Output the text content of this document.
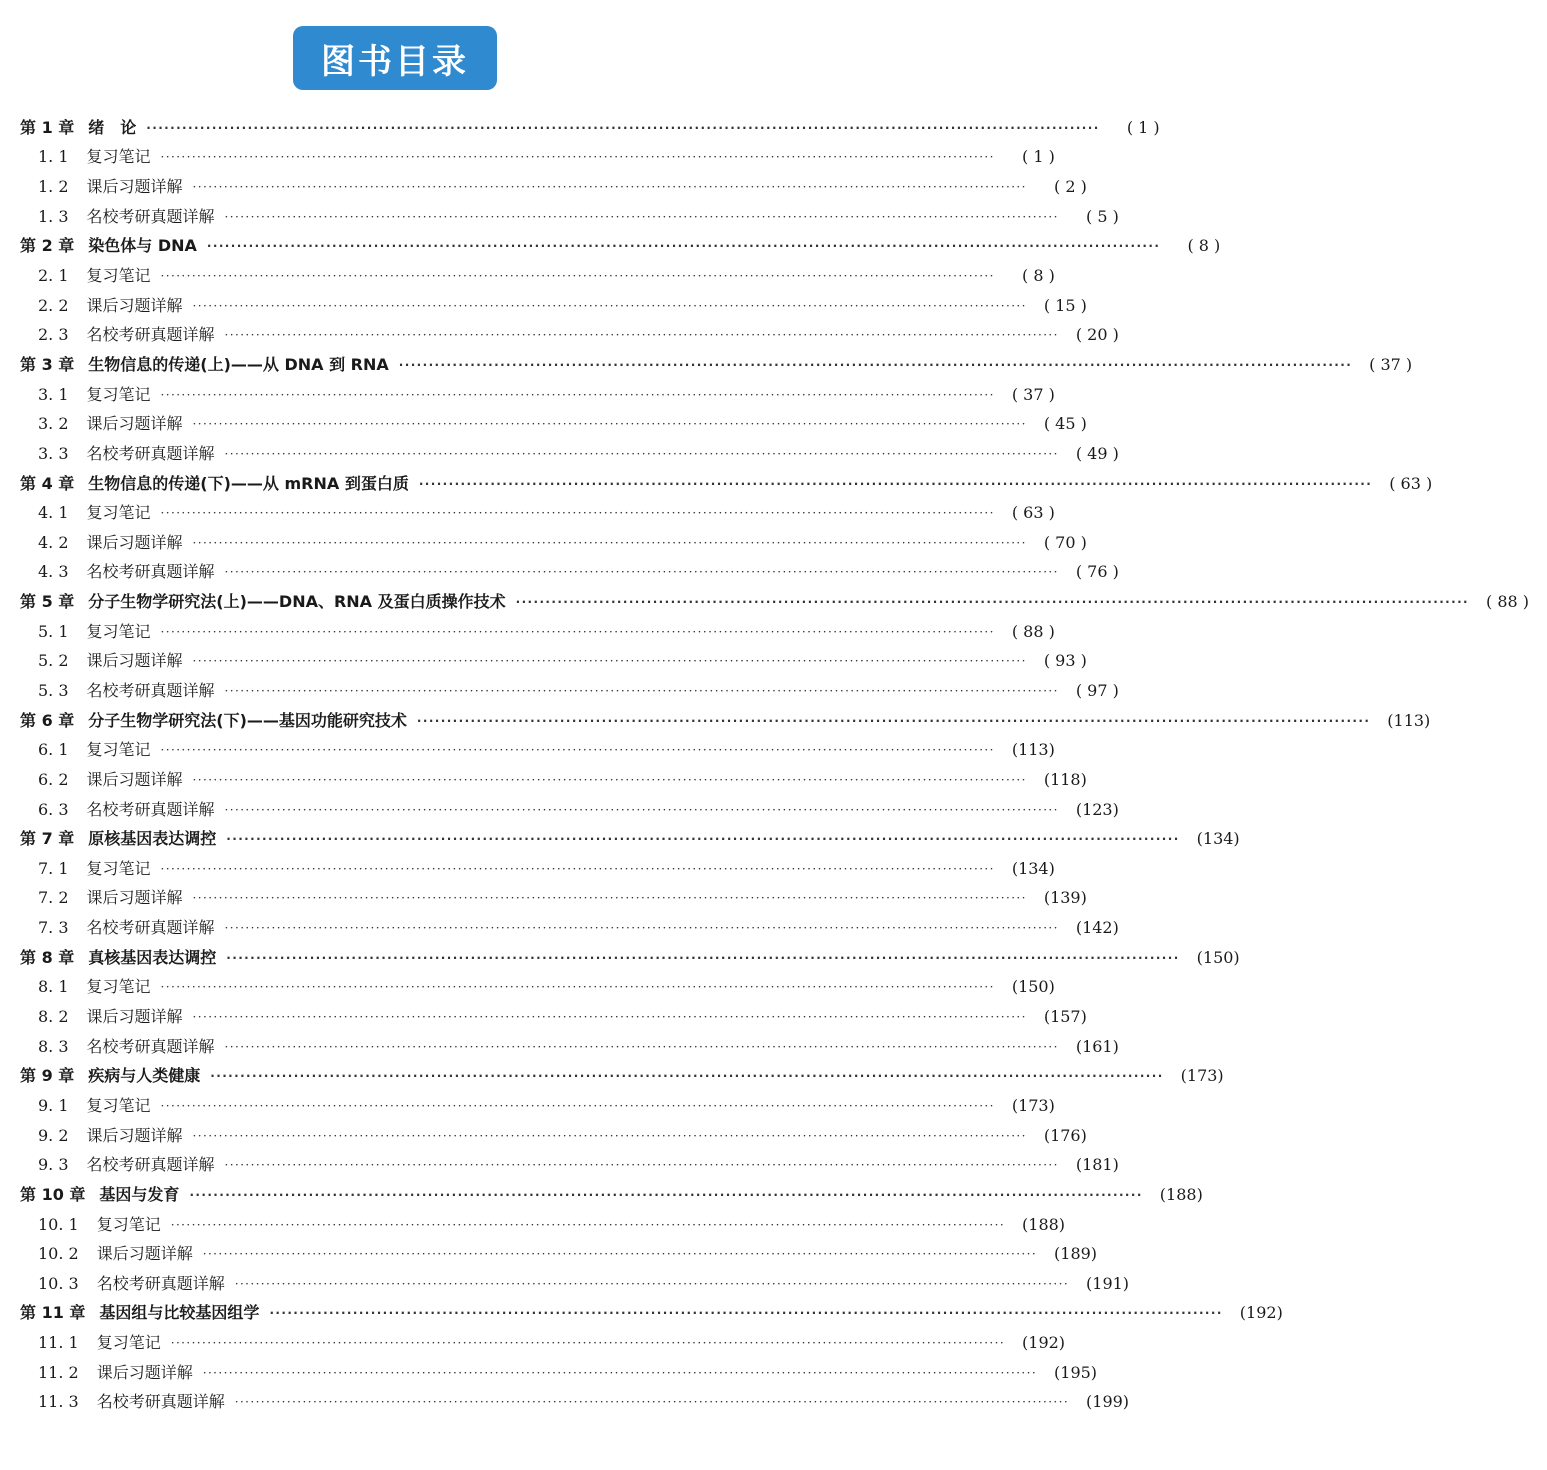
图书目录
第 1 章 绪　论 ································································································································································	( 1 )
1. 1 复习笔记 ································································································································································	( 1 )
1. 2 课后习题详解 ································································································································································	( 2 )
1. 3 名校考研真题详解 ································································································································································	( 5 )
第 2 章 染色体与 DNA ································································································································································	( 8 )
2. 1 复习笔记 ································································································································································	( 8 )
2. 2 课后习题详解 ································································································································································	( 15 )
2. 3 名校考研真题详解 ································································································································································	( 20 )
第 3 章 生物信息的传递(上)——从 DNA 到 RNA ································································································································································	( 37 )
3. 1 复习笔记 ································································································································································	( 37 )
3. 2 课后习题详解 ································································································································································	( 45 )
3. 3 名校考研真题详解 ································································································································································	( 49 )
第 4 章 生物信息的传递(下)——从 mRNA 到蛋白质 ································································································································································	( 63 )
4. 1 复习笔记 ································································································································································	( 63 )
4. 2 课后习题详解 ································································································································································	( 70 )
4. 3 名校考研真题详解 ································································································································································	( 76 )
第 5 章 分子生物学研究法(上)——DNA、RNA 及蛋白质操作技术 ································································································································································	( 88 )
5. 1 复习笔记 ································································································································································	( 88 )
5. 2 课后习题详解 ································································································································································	( 93 )
5. 3 名校考研真题详解 ································································································································································	( 97 )
第 6 章 分子生物学研究法(下)——基因功能研究技术 ································································································································································	(113)
6. 1 复习笔记 ································································································································································	(113)
6. 2 课后习题详解 ································································································································································	(118)
6. 3 名校考研真题详解 ································································································································································	(123)
第 7 章 原核基因表达调控 ································································································································································	(134)
7. 1 复习笔记 ································································································································································	(134)
7. 2 课后习题详解 ································································································································································	(139)
7. 3 名校考研真题详解 ································································································································································	(142)
第 8 章 真核基因表达调控 ································································································································································	(150)
8. 1 复习笔记 ································································································································································	(150)
8. 2 课后习题详解 ································································································································································	(157)
8. 3 名校考研真题详解 ································································································································································	(161)
第 9 章 疾病与人类健康 ································································································································································	(173)
9. 1 复习笔记 ································································································································································	(173)
9. 2 课后习题详解 ································································································································································	(176)
9. 3 名校考研真题详解 ································································································································································	(181)
第 10 章 基因与发育 ································································································································································	(188)
10. 1 复习笔记 ································································································································································	(188)
10. 2 课后习题详解 ································································································································································	(189)
10. 3 名校考研真题详解 ································································································································································	(191)
第 11 章 基因组与比较基因组学 ································································································································································	(192)
11. 1 复习笔记 ································································································································································	(192)
11. 2 课后习题详解 ································································································································································	(195)
11. 3 名校考研真题详解 ································································································································································	(199)
